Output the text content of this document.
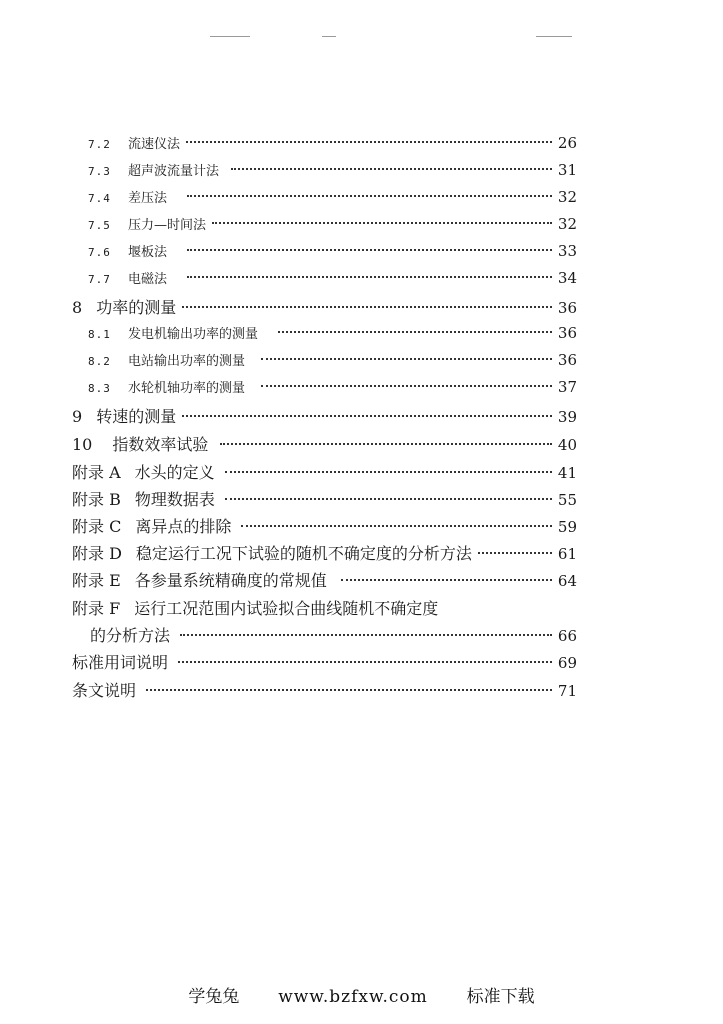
7.2	流速仪法	26
7.3	超声波流量计法	31
7.4	差压法	32
7.5	压力—时间法	32
7.6	堰板法	33
7.7	电磁法	34
8 功率的测量	36
8.1	发电机输出功率的测量	36
8.2	电站输出功率的测量	36
8.3	水轮机轴功率的测量	37
9 转速的测量	39
10 指数效率试验	40
附录 A 水头的定义	41
附录 B 物理数据表	55
附录 C 离异点的排除	59
附录 D 稳定运行工况下试验的随机不确定度的分析方法	61
附录 E 各参量系统精确度的常规值	64
附录 F 运行工况范围内试验拟合曲线随机不确定度
的分析方法	66
标准用词说明	69
条文说明	71
学兔兔 www.bzfxw.com 标准下载
